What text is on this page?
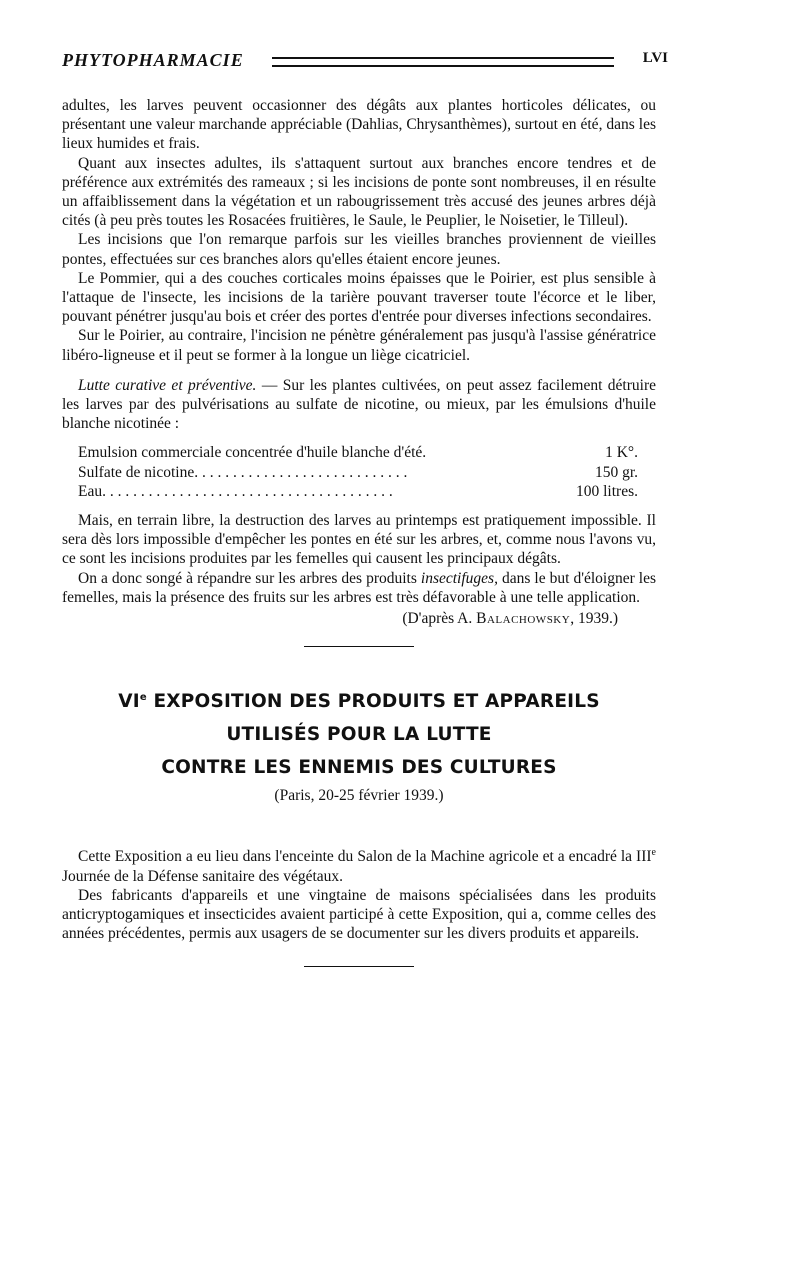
PHYTOPHARMACIE	LVI

adultes, les larves peuvent occasionner des dégâts aux plantes horticoles délicates, ou présentant une valeur marchande appréciable (Dahlias, Chrysanthèmes), surtout en été, dans les lieux humides et frais.

Quant aux insectes adultes, ils s'attaquent surtout aux branches encore tendres et de préférence aux extrémités des rameaux ; si les incisions de ponte sont nombreuses, il en résulte un affaiblissement dans la végétation et un rabougrissement très accusé des jeunes arbres déjà cités (à peu près toutes les Rosacées fruitières, le Saule, le Peuplier, le Noisetier, le Tilleul).

Les incisions que l'on remarque parfois sur les vieilles branches proviennent de vieilles pontes, effectuées sur ces branches alors qu'elles étaient encore jeunes.

Le Pommier, qui a des couches corticales moins épaisses que le Poirier, est plus sensible à l'attaque de l'insecte, les incisions de la tarière pouvant traverser toute l'écorce et le liber, pouvant pénétrer jusqu'au bois et créer des portes d'entrée pour diverses infections secondaires.

Sur le Poirier, au contraire, l'incision ne pénètre généralement pas jusqu'à l'assise génératrice libéro-ligneuse et il peut se former à la longue un liège cicatriciel.

Lutte curative et préventive. — Sur les plantes cultivées, on peut assez facilement détruire les larves par des pulvérisations au sulfate de nicotine, ou mieux, par les émulsions d'huile blanche nicotinée :

Emulsion commerciale concentrée d'huile blanche d'été.	1 K°.
Sulfate de nicotine. . . . . . . . . . . . . . . . . . . . . . . . . . . .	150 gr.
Eau. . . . . . . . . . . . . . . . . . . . . . . . . . . . . . . . . . . . . .	100 litres.

Mais, en terrain libre, la destruction des larves au printemps est pratiquement impossible. Il sera dès lors impossible d'empêcher les pontes en été sur les arbres, et, comme nous l'avons vu, ce sont les incisions produites par les femelles qui causent les principaux dégâts.

On a donc songé à répandre sur les arbres des produits insectifuges, dans le but d'éloigner les femelles, mais la présence des fruits sur les arbres est très défavorable à une telle application.

(D'après A. Balachowsky, 1939.)

VIe EXPOSITION DES PRODUITS ET APPAREILS
UTILISÉS POUR LA LUTTE
CONTRE LES ENNEMIS DES CULTURES
(Paris, 20-25 février 1939.)

Cette Exposition a eu lieu dans l'enceinte du Salon de la Machine agricole et a encadré la IIIe Journée de la Défense sanitaire des végétaux.

Des fabricants d'appareils et une vingtaine de maisons spécialisées dans les produits anticryptogamiques et insecticides avaient participé à cette Exposition, qui a, comme celles des années précédentes, permis aux usagers de se documenter sur les divers produits et appareils.
